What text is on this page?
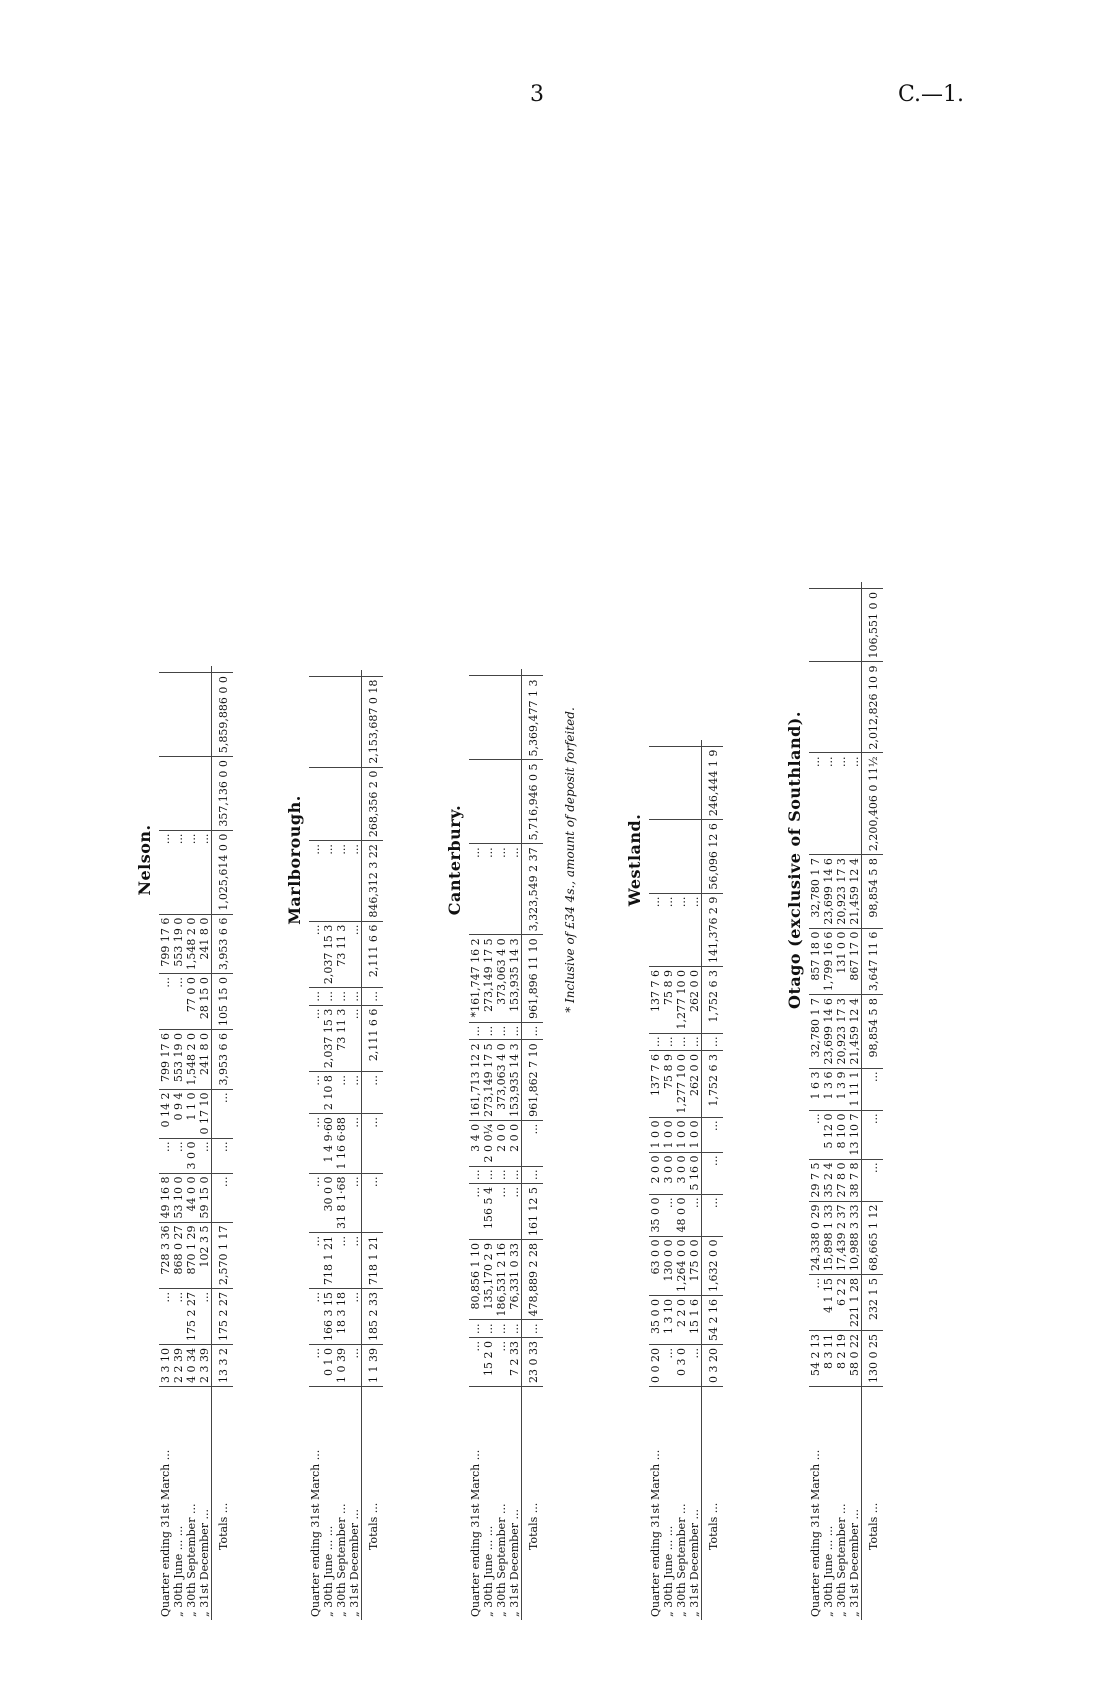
3	C.—1.
Nelson.
Quarter ending 31st March ...	3 3 10	...	728 3 36	49 16 8	...	0 14 2	799 17 6	...	799 17 6	...			
„ 30th June ... ...	2 2 39	...	868 0 27	53 10 0	...	0 9 4	553 19 0	...	553 19 0	...			
„ 30th September ...	4 0 34	175 2 27	870 1 29	44 0 0	3 0 0	1 1 0	1,548 2 0	77 0 0	1,548 2 0	...			
„ 31st December ...	2 3 39	...	102 3 5	59 15 0	...	0 17 10	241 8 0	28 15 0	241 8 0	...			
Totals ...	13 3 2	175 2 27	2,570 1 17	...	...	...	3,953 6 6	105 15 0	3,953 6 6	1,025,614 0 0	357,136 0 0	5,859,886 0 0	
Marlborough.
Quarter ending 31st March ...	...	...	...	...	...	...	...	...	...	...			
„ 30th June ... ...	0 1 0	166 3 15	718 1 21	30 0 0	1 4 9·60	2 10 8	2,037 15 3	...	2,037 15 3	...			
„ 30th September ...	1 0 39	18 3 18	...	31 8 1·68	1 16 6·88	...	73 11 3	...	73 11 3	...			
„ 31st December ...	...	...	...	...	...	...	...	...	...	...			
Totals ...	1 1 39	185 2 33	718 1 21	...	...	...	2,111 6 6	...	2,111 6 6	846,312 3 22	268,356 2 0	2,153,687 0 18	
Canterbury.
Quarter ending 31st March ...	...	...	80,856 1 10	...	...	3 4 0	161,713 12 2	...	*161,747 16 2	...			
„ 30th June ... ...	15 2 0	...	135,170 2 9	156 5 4	...	2 0 0¼	273,149 17 5	...	273,149 17 5	...			
„ 30th September ...	...	...	186,531 2 16	...	...	2 0 0	373,063 4 0	...	373,063 4 0	...			
„ 31st December ...	7 2 33	...	76,331 0 33	...	...	2 0 0	153,935 14 3	...	153,935 14 3	...			
Totals ...	23 0 33	...	478,889 2 28	161 12 5	...	...	961,862 7 10	...	961,896 11 10	3,323,549 2 37	5,716,946 0 5	5,369,477 1 3	* Inclusive of £34 4s., amount of deposit forfeited.	Westland.
Quarter ending 31st March ...	0 0 20	35 0 0	63 0 0	35 0 0	2 0 0	1 0 0	137 7 6	...	137 7 6	...			
„ 30th June ... ...	...	1 3 10	130 0 0	...	3 0 0	1 0 0	75 8 9	...	75 8 9	...			
„ 30th September ...	0 3 0	2 2 0	1,264 0 0	48 0 0	3 0 0	1 0 0	1,277 10 0	...	1,277 10 0	...			
„ 31st December ...	...	15 1 6	175 0 0	...	5 16 0	1 0 0	262 0 0	...	262 0 0	...			
Totals ...	0 3 20	54 2 16	1,632 0 0	...	...	...	1,752 6 3	...	1,752 6 3	141,376 2 9	56,096 12 6	246,444 1 9		Otago (exclusive of Southland).
Quarter ending 31st March ...	54 2 13	...	24,338 0 29	29 7 5	...	1 6 3	32,780 1 7	857 18 0	32,780 1 7	...			
„ 30th June ... ...	8 3 11	4 1 15	15,898 1 33	35 2 4	5 12 0	1 3 6	23,699 14 6	1,799 16 6	23,699 14 6	...			
„ 30th September ...	8 2 19	6 2 2	17,439 2 37	27 8 0	8 10 0	1 3 9	20,923 17 3	131 0 0	20,923 17 3	...			
„ 31st December ...	58 0 22	221 1 28	10,988 3 33	38 7 8	13 10 7	1 11 1	21,459 12 4	867 17 0	21,459 12 4	...			
Totals ...	130 0 25	232 1 5	68,665 1 12	...	...	...	98,854 5 8	3,647 11 6	98,854 5 8	2,200,406 0 11½	2,012,826 10 9	106,551 0 0	
